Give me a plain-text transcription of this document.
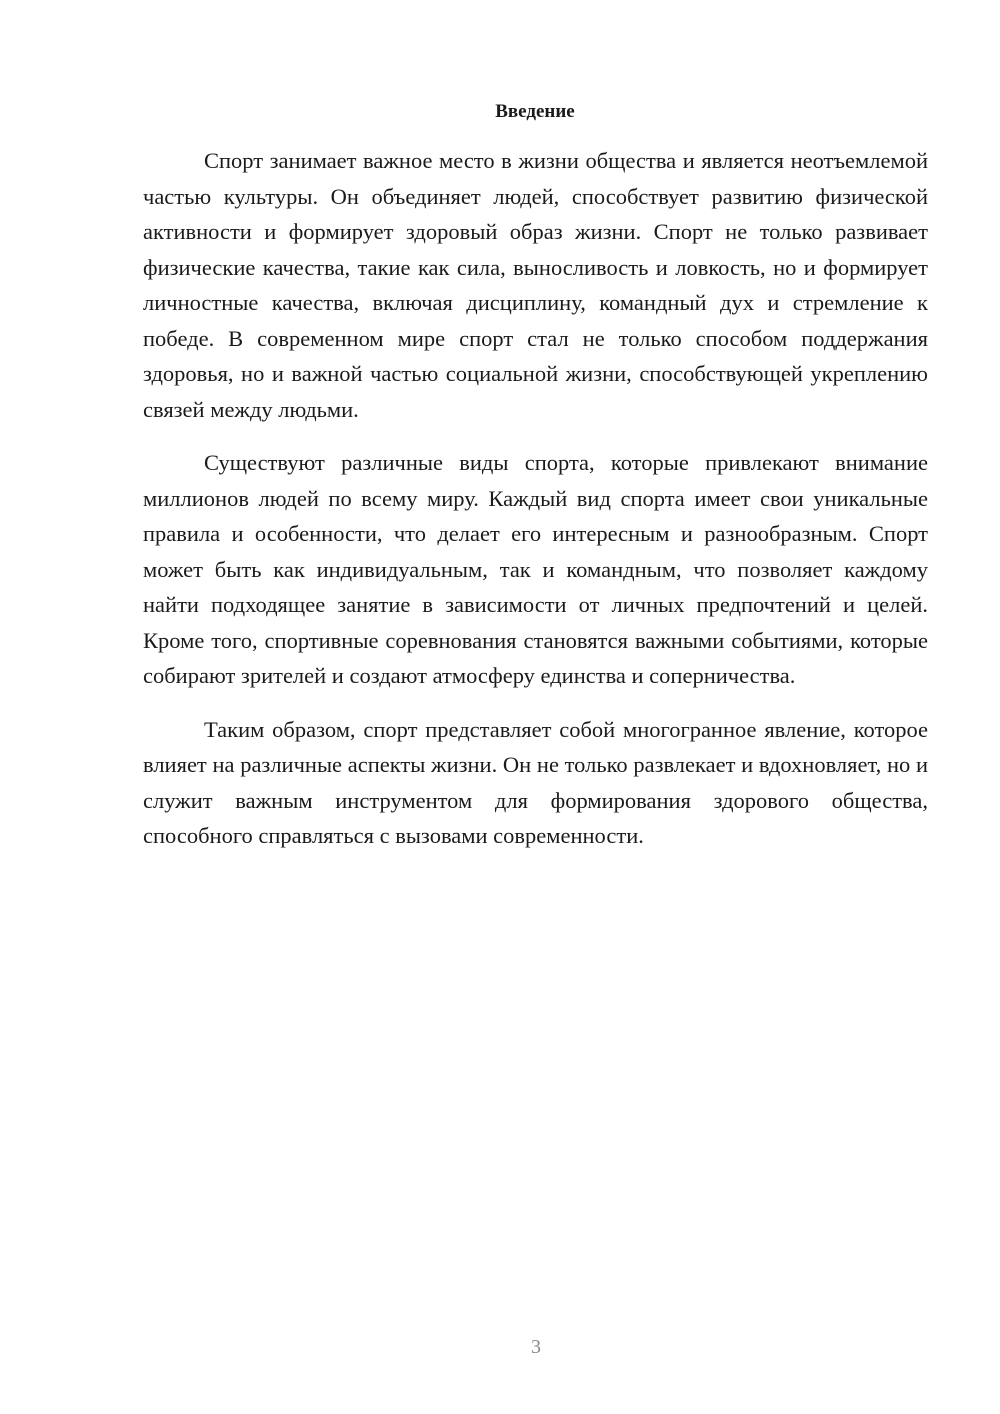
Введение

Спорт занимает важное место в жизни общества и является неотъемлемой частью культуры. Он объединяет людей, способствует развитию физической активности и формирует здоровый образ жизни. Спорт не только развивает физические качества, такие как сила, выносливость и ловкость, но и формирует личностные качества, включая дисциплину, командный дух и стремление к победе. В современном мире спорт стал не только способом поддержания здоровья, но и важной частью социальной жизни, способствующей укреплению связей между людьми.

Существуют различные виды спорта, которые привлекают внимание миллионов людей по всему миру. Каждый вид спорта имеет свои уникальные правила и особенности, что делает его интересным и разнообразным. Спорт может быть как индивидуальным, так и командным, что позволяет каждому найти подходящее занятие в зависимости от личных предпочтений и целей. Кроме того, спортивные соревнования становятся важными событиями, которые собирают зрителей и создают атмосферу единства и соперничества.

Таким образом, спорт представляет собой многогранное явление, которое влияет на различные аспекты жизни. Он не только развлекает и вдохновляет, но и служит важным инструментом для формирования здорового общества, способного справляться с вызовами современности.

3
